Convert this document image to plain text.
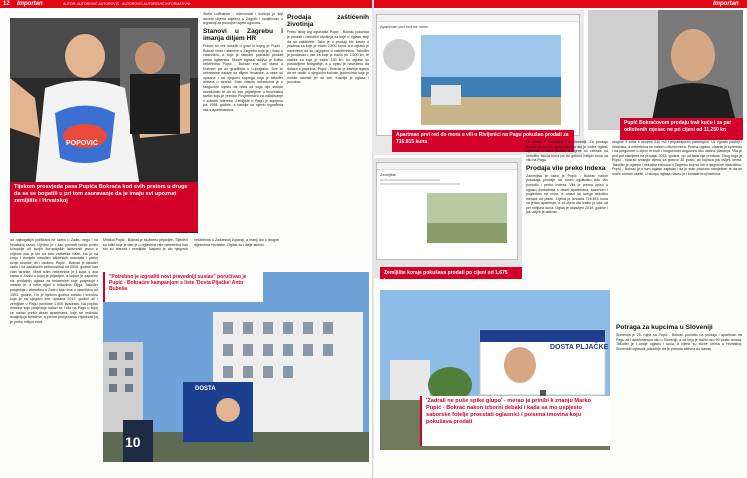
12	Importan	AUTOR: AUTOROVIĆ AUTOROVIĆ · AUTOROVIĆ AUTOROVIĆ INFORMATIVNI	Importan
POPOVIĆ
Tijekom prosvjeda pasa Pupića Bokraća kod svih prstom u druge da sa se bogatili u pri tom zaoravanje da je imaju svi upoznat zemljište i Hrvatskoj

Skele Lufthanse - Intercostal i kuhinja je koji dovela ulijena zajedno u Zagreb i sudjelovao u izgradnji za povoljne uvjete ugovora.

Stanovi u Zagrebu i imanja diljem HR

Potom su oni doselili u grad iz kojeg je Pupić - Bokrać imao i stanove u Zagrebu koje je i imao u vlasništvu, a koje je također pokušao prodati preko oglasnika. Nizom oglasa vidljivo je koliko nekretnina Pupić - Bokrać ima, od stana u Dubravi pa do gradilišta u Lupoglavu. Sve te nekretnine nalaze se diljem Hrvatske, a neke su upisane i na njegovu suprugu koja je također aktivna u stranci. Sam vlasnik nekretnina je u razgovoru izjavio da ništa od toga nije stekao nezakonito te da su sve prijavljene u imovinskoj kartici koju je predao Povjerenstvu za odlučivanje o sukobu interesa. Zemljište u Pagu je kupljeno još 1998. godine, a kasnije na njemu izgrađena vila s apartmanima.

Prodaja zaštićenih životinja

Preko istog tog oglasnika Pupić - Bokrać pokušao je prodati i nekoliko životinja za koje u oglasu stoji da su zaštićene. Tako je u prodaji bio kavez s pticama za koje je tražio 2.500 kuna, a u oglasu je navedeno da su uzgojene u zatočeništvu. Također je prodavao i pse za koje je tražio po 1.500 kn, te mačke za koje je tražio 150 kn. Uz oglase su postavljene fotografije, a u opisu je navedeno da dolaze s papirima. Pupić - Bokrać je kasnije izjavio da se radilo o njegovim kućnim ljubimcima koje je morao udomiti jer se seli. Kasnije je oglase i povukao.

od najbogatijih političara ne samo u Zadru nego i na hrvatskoj razini. Ujedno je i kao poznati borac protiv korupcije od svojih korupcijskih aktivnosti javno u vrijeme dok je bio na čelu zadarske baze, što je na kraju i donijelo nekoliko saborskih mandata i preko svoje stranke, ali i osobno. Pupić - Bokrać je također radio i na zadarskim aktivnostima od 2005. godine kao član stranke. Medi istim nekretnina je i kuća s dva stana u Zadru u kojoj je prijavljen, a kojom je započeo niz prodajnih oglasa za nekretnine koje posjeduje i vlasnik je, a neke dijeli s rođacima Oljga. Također posjeduje i vikendicu u Zadru koju ima u vlasništvu od 1993. godine. On je tijekom godina stekao i imovinu koja je na njegovo ime upisana 2012. godine ali i zemljište u Pagu površine 1.500 kvadrata. Na popisu imovine koju posjeduje nalazi se i vila na Pagu u kojoj se nalazi preko deset apartmana, koje se redovito iznajmljuju turistima, a prema procjenama vrijednost joj je preko milijun eura.

Mirakul Pupić - Bokrać je službeno prijavljen. Sljedeći su toliki koje je dao je u oglasima više nekretnina kao što su stanovi i zemljište. Najveći je dio njegovih nekretnina u Zadarskoj županiji, a manji dio u drugim dijelovima Hrvatske. Oglasi su i dalje aktivni.

10
DOSTA
"Potrebno je izgraditi novi pravedniji sustav" poručivao je Pupić - Bokraćev kampanjom s liste 'Dosta Pljačke' Anto Bubeša
Apartman prvi red na mora
Apartman prvi red do mora u vili u Rivijenici na Pagu pokušao prodati za 716.815 kuna
Pupić Bokraćovom prodaju trali kuću i za par odloženih mjesec ne pri cijeni od 11.250 kn
Zemljište
Zemljište koraje pokušava prodati po cijeni od 1.675 kuna

se nalazi u Hrvatskoj i u Sloveniji. Za prodaju koristio je raznih oglasnika kao što je Index oglasi, Njuškalo i slični portali, a cijene su varirale od nekoliko tisuća kuna pa do gotovo milijun kuna za vilu na Pagu.

Prodaja vile preko Indexa

Zanimljivo je kako je Pupić - Bokrać nakon pokušaja prodaje na ovom oglasniku istu vilu ponudio i preko Indexa. Vila je prema opisu u oglasu dvokatnica s deset apartmana, bazenom i pogledom na more, a nalazi se svega nekoliko metara od plaže. Cijena je iznosila 716.815 kuna za jedan apartman, a za cijelu vilu tražio je više od pet milijuna kuna. Oglas je objavljen 2019. godine i još uvijek je aktivan.

ukupne 5 soba s ukupno 240 m2 i pripadajućim parkingom. Uz zgradu postoji i okućnica, a nekretnina se nalazi u blizini mora. Prema oglasu, vlasnik je spreman i na pregovore o cijeni te nudi i mogućnost dogovora oko načina plaćanja. Vila je prvi put stavljena na prodaju 2015. godine, no od tada nije prodana. Zbog toga je Pupić - Bokrać smanjio cijenu za gotovo 30 posto, ali kupaca još uvijek nema. Također je oglasio i nekoliko stanova u Zagrebu koji su bili u njegovom vlasništvu. Pupić - Bokrać je u tom oglasu zapisao i da je stan potpuno namješten te da se može odmah useliti. U sklopu oglasa naveo je i kontakt broj telefona.

DOSTA PLJAČKE
'Zadrali ne puše spike glupo' - merao je prinibi k znanju Marko Pupić - Bokrać nakon izborni debakl i kada sa mo uspjesto saborske fotelje proestati oglasnici i poisena imovina koju pokušava prodati
Potraga za kupcima u Sloveniji

Slovenija je 25. rujna sa Pupić - Bokrać ponudio na prodaju i apartman na Pagu ali i apartmansku vilu u Sloveniji, a za koju je tražio oko 90 posto iznosa. Također je i ondje oglasio i kuću, a cijene su slične onima u Hrvatskoj. Slovenski oglasnik pokazuje da je ponuda aktivna do danas.
